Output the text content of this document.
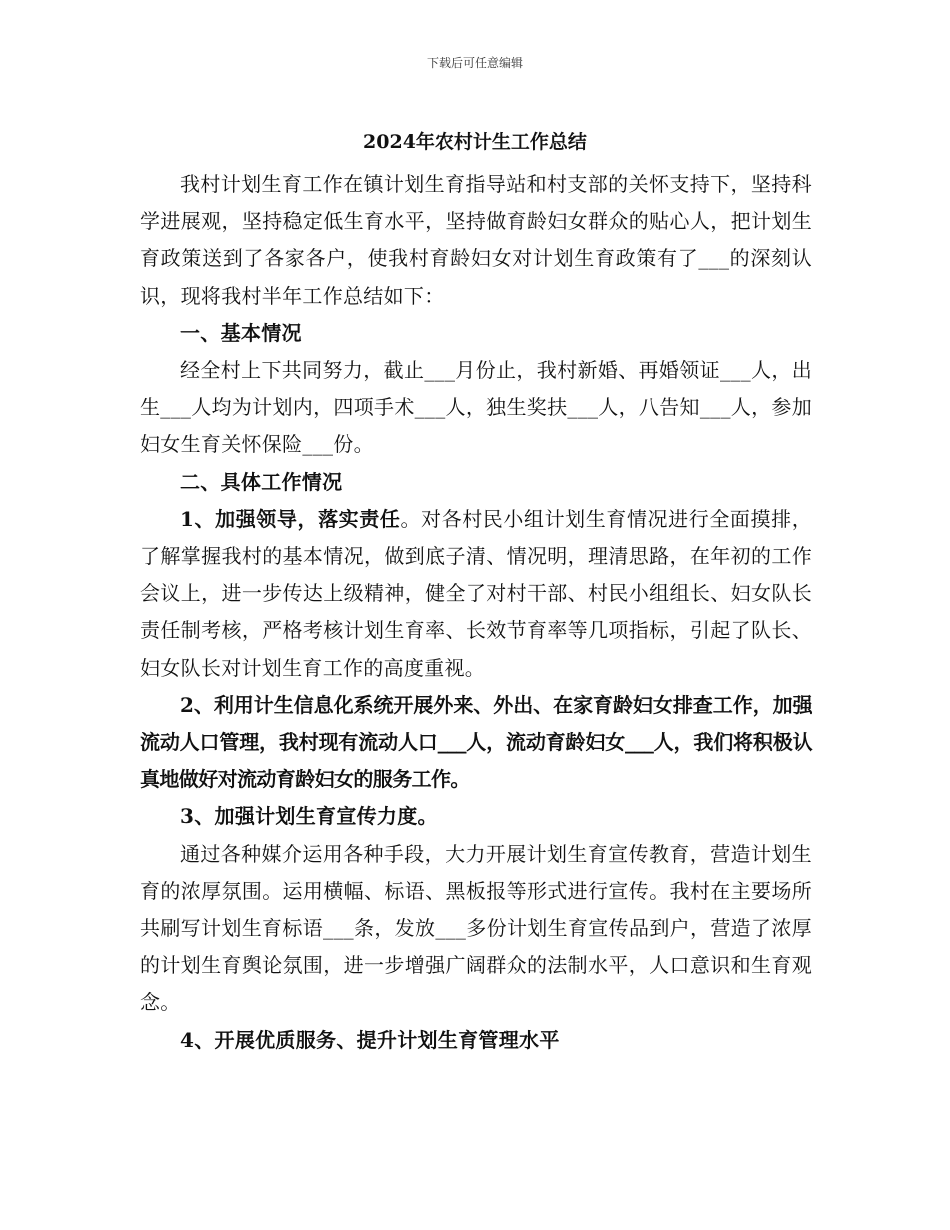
下载后可任意编辑
2024年农村计生工作总结

我村计划生育工作在镇计划生育指导站和村支部的关怀支持下，坚持科学进展观，坚持稳定低生育水平，坚持做育龄妇女群众的贴心人，把计划生育政策送到了各家各户，使我村育龄妇女对计划生育政策有了___的深刻认识，现将我村半年工作总结如下：

一、基本情况

经全村上下共同努力，截止___月份止，我村新婚、再婚领证___人，出生___人均为计划内，四项手术___人，独生奖扶___人，八告知___人，参加妇女生育关怀保险___份。

二、具体工作情况

1、加强领导，落实责任。对各村民小组计划生育情况进行全面摸排，了解掌握我村的基本情况，做到底子清、情况明，理清思路，在年初的工作会议上，进一步传达上级精神，健全了对村干部、村民小组组长、妇女队长责任制考核，严格考核计划生育率、长效节育率等几项指标，引起了队长、妇女队长对计划生育工作的高度重视。

2、利用计生信息化系统开展外来、外出、在家育龄妇女排查工作，加强流动人口管理，我村现有流动人口___人，流动育龄妇女___人，我们将积极认真地做好对流动育龄妇女的服务工作。

3、加强计划生育宣传力度。

通过各种媒介运用各种手段，大力开展计划生育宣传教育，营造计划生育的浓厚氛围。运用横幅、标语、黑板报等形式进行宣传。我村在主要场所共刷写计划生育标语___条，发放___多份计划生育宣传品到户，营造了浓厚的计划生育舆论氛围，进一步增强广阔群众的法制水平，人口意识和生育观念。

4、开展优质服务、提升计划生育管理水平
